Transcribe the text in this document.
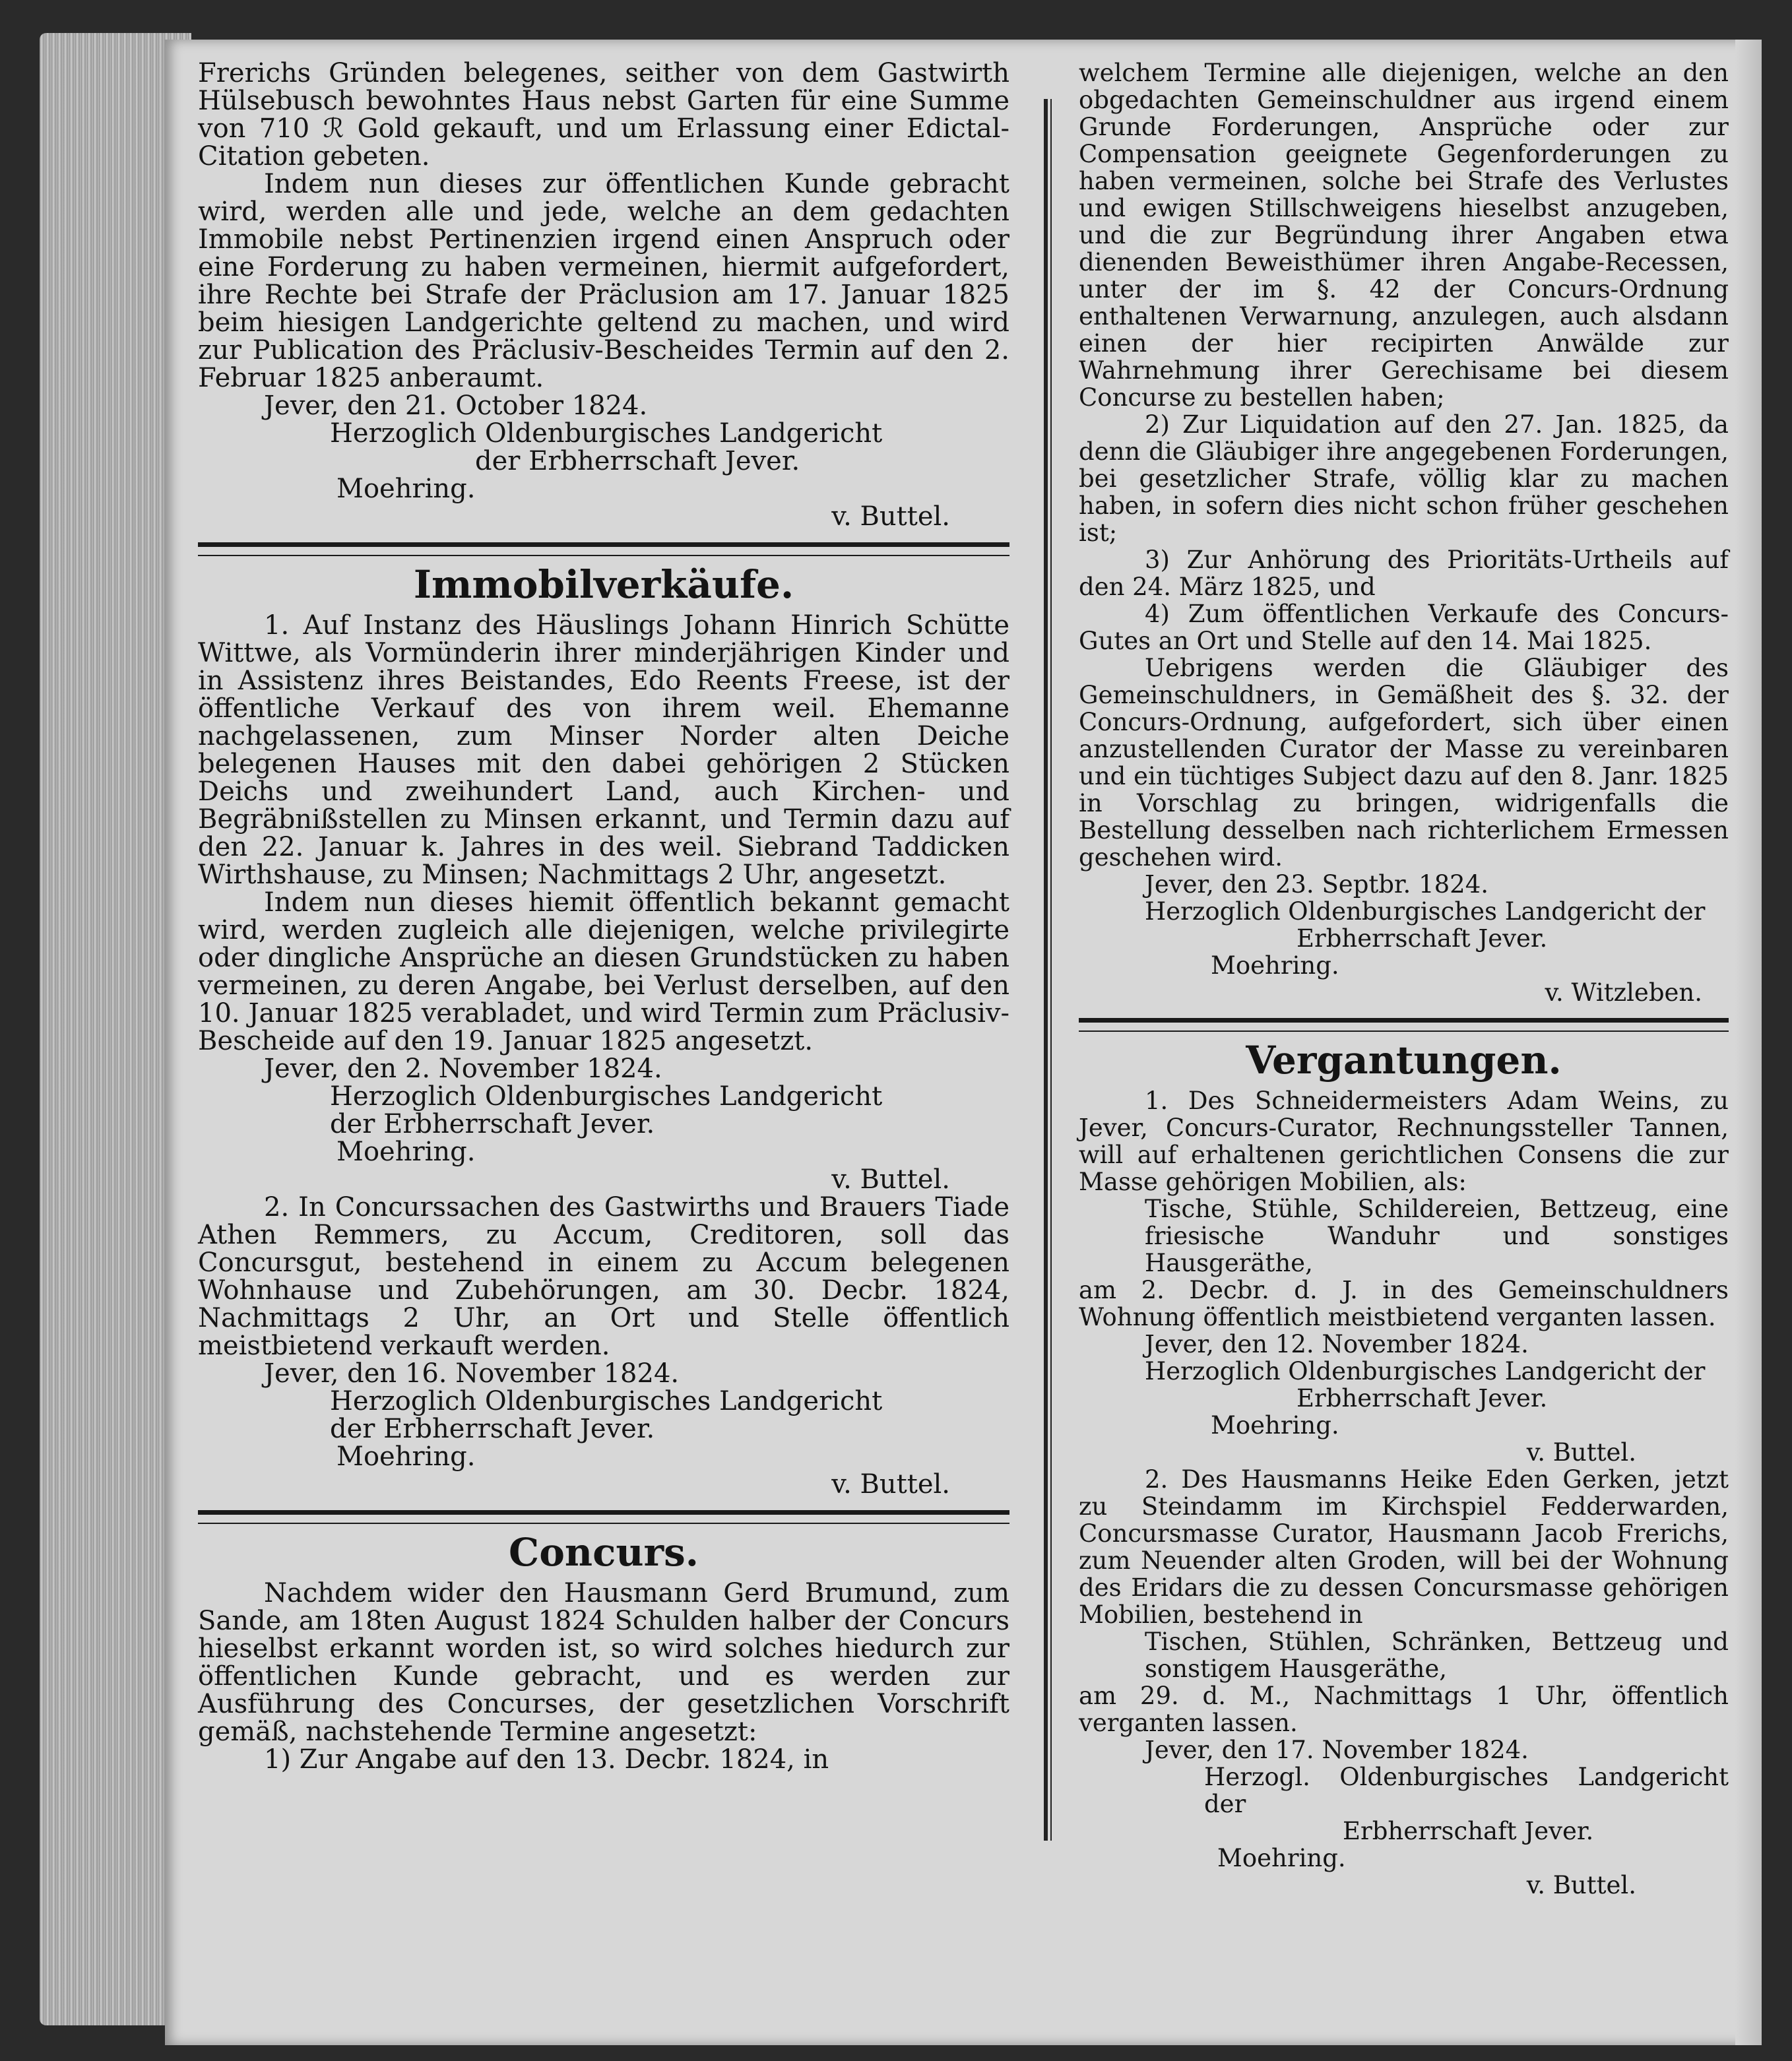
Frerichs Gründen belegenes, seither von dem Gastwirth Hülsebusch bewohntes Haus nebst Garten für eine Summe von 710 ℛ Gold gekauft, und um Erlassung einer Edictal-Citation gebeten.

Indem nun dieses zur öffentlichen Kunde gebracht wird, werden alle und jede, welche an dem gedachten Immobile nebst Pertinenzien irgend einen Anspruch oder eine Forderung zu haben vermeinen, hiermit aufgefordert, ihre Rechte bei Strafe der Präclusion am 17. Januar 1825 beim hiesigen Landgerichte geltend zu machen, und wird zur Publication des Präclusiv-Bescheides Termin auf den 2. Februar 1825 anberaumt.

Jever, den 21. October 1824.

Herzoglich Oldenburgisches Landgericht

der Erbherrschaft Jever.

Moehring.

v. Buttel.

Immobilverkäufe.

1. Auf Instanz des Häuslings Johann Hinrich Schütte Wittwe, als Vormünderin ihrer minderjährigen Kinder und in Assistenz ihres Beistandes, Edo Reents Freese, ist der öffentliche Verkauf des von ihrem weil. Ehemanne nachgelassenen, zum Minser Norder alten Deiche belegenen Hauses mit den dabei gehörigen 2 Stücken Deichs und zweihundert Land, auch Kirchen- und Begräbnißstellen zu Minsen erkannt, und Termin dazu auf den 22. Januar k. Jahres in des weil. Siebrand Taddicken Wirthshause, zu Minsen; Nachmittags 2 Uhr, angesetzt.

Indem nun dieses hiemit öffentlich bekannt gemacht wird, werden zugleich alle diejenigen, welche privilegirte oder dingliche Ansprüche an diesen Grundstücken zu haben vermeinen, zu deren Angabe, bei Verlust derselben, auf den 10. Januar 1825 verabladet, und wird Termin zum Präclusiv-Bescheide auf den 19. Januar 1825 angesetzt.

Jever, den 2. November 1824.

Herzoglich Oldenburgisches Landgericht

der Erbherrschaft Jever.

Moehring.

v. Buttel.

2. In Concurssachen des Gastwirths und Brauers Tiade Athen Remmers, zu Accum, Creditoren, soll das Concursgut, bestehend in einem zu Accum belegenen Wohnhause und Zubehörungen, am 30. Decbr. 1824, Nachmittags 2 Uhr, an Ort und Stelle öffentlich meistbietend verkauft werden.

Jever, den 16. November 1824.

Herzoglich Oldenburgisches Landgericht

der Erbherrschaft Jever.

Moehring.

v. Buttel.

Concurs.

Nachdem wider den Hausmann Gerd Brumund, zum Sande, am 18ten August 1824 Schulden halber der Concurs hieselbst erkannt worden ist, so wird solches hiedurch zur öffentlichen Kunde gebracht, und es werden zur Ausführung des Concurses, der gesetzlichen Vorschrift gemäß, nachstehende Termine angesetzt:

1) Zur Angabe auf den 13. Decbr. 1824, in

welchem Termine alle diejenigen, welche an den obgedachten Gemeinschuldner aus irgend einem Grunde Forderungen, Ansprüche oder zur Compensation geeignete Gegenforderungen zu haben vermeinen, solche bei Strafe des Verlustes und ewigen Stillschweigens hieselbst anzugeben, und die zur Begründung ihrer Angaben etwa dienenden Beweisthümer ihren Angabe-Recessen, unter der im §. 42 der Concurs-Ordnung enthaltenen Verwarnung, anzulegen, auch alsdann einen der hier recipirten Anwälde zur Wahrnehmung ihrer Gerechisame bei diesem Concurse zu bestellen haben;

2) Zur Liquidation auf den 27. Jan. 1825, da denn die Gläubiger ihre angegebenen Forderungen, bei gesetzlicher Strafe, völlig klar zu machen haben, in sofern dies nicht schon früher geschehen ist;

3) Zur Anhörung des Prioritäts-Urtheils auf den 24. März 1825, und

4) Zum öffentlichen Verkaufe des Concurs-Gutes an Ort und Stelle auf den 14. Mai 1825.

Uebrigens werden die Gläubiger des Gemeinschuldners, in Gemäßheit des §. 32. der Concurs-Ordnung, aufgefordert, sich über einen anzustellenden Curator der Masse zu vereinbaren und ein tüchtiges Subject dazu auf den 8. Janr. 1825 in Vorschlag zu bringen, widrigenfalls die Bestellung desselben nach richterlichem Ermessen geschehen wird.

Jever, den 23. Septbr. 1824.

Herzoglich Oldenburgisches Landgericht der

Erbherrschaft Jever.

Moehring.

v. Witzleben.

Vergantungen.

1. Des Schneidermeisters Adam Weins, zu Jever, Concurs-Curator, Rechnungssteller Tannen, will auf erhaltenen gerichtlichen Consens die zur Masse gehörigen Mobilien, als:

Tische, Stühle, Schildereien, Bettzeug, eine friesische Wanduhr und sonstiges Hausgeräthe,

am 2. Decbr. d. J. in des Gemeinschuldners Wohnung öffentlich meistbietend verganten lassen.

Jever, den 12. November 1824.

Herzoglich Oldenburgisches Landgericht der

Erbherrschaft Jever.

Moehring.

v. Buttel.

2. Des Hausmanns Heike Eden Gerken, jetzt zu Steindamm im Kirchspiel Fedderwarden, Concursmasse Curator, Hausmann Jacob Frerichs, zum Neuender alten Groden, will bei der Wohnung des Eridars die zu dessen Concursmasse gehörigen Mobilien, bestehend in

Tischen, Stühlen, Schränken, Bettzeug und sonstigem Hausgeräthe,

am 29. d. M., Nachmittags 1 Uhr, öffentlich verganten lassen.

Jever, den 17. November 1824.

Herzogl. Oldenburgisches Landgericht der

Erbherrschaft Jever.

Moehring.

v. Buttel.
